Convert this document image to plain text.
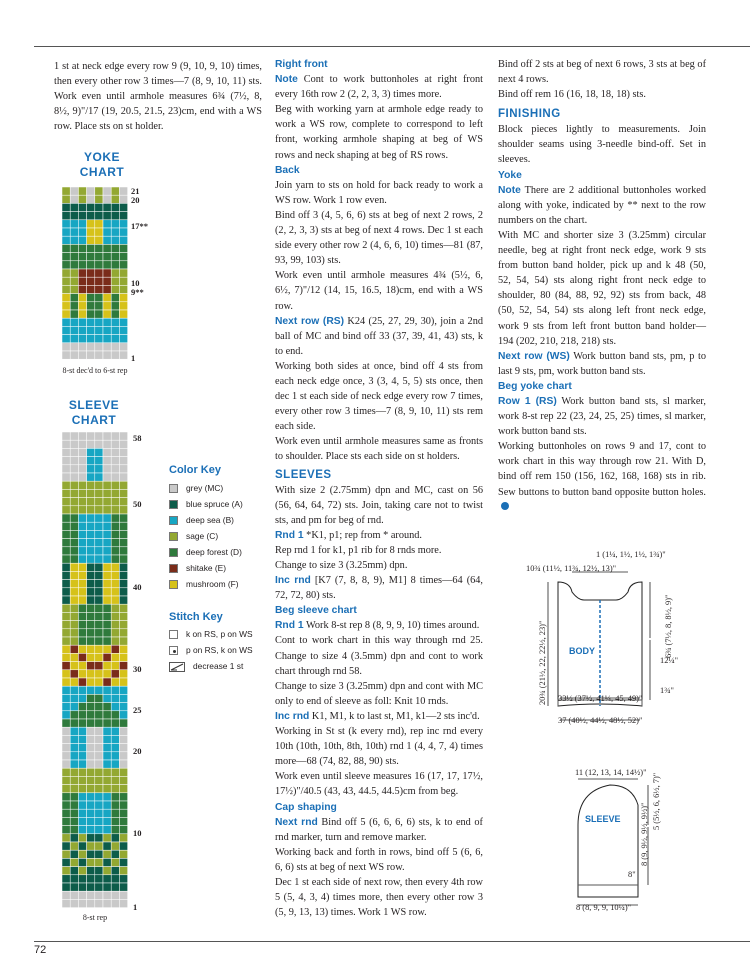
72

1 st at neck edge every row 9 (9, 10, 9, 10) times, then every other row 3 times—7 (8, 9, 10, 11) sts. Work even until armhole measures 6¾ (7½, 8, 8½, 9)"/17 (19, 20.5, 21.5, 23)cm, end with a WS row. Place sts on st holder.

YOKE
CHART
21
20
17**
10
9**
1
8-st dec'd to 6-st rep
SLEEVE
CHART
58
50
40
30
25
20
10
1
8-st rep
Color Key
grey (MC)
blue spruce (A)
deep sea (B)
sage (C)
deep forest (D)
shitake (E)
mushroom (F)
Stitch Key
k on RS, p on WS
p on RS, k on WS
decrease 1 st
Right front

Note Cont to work buttonholes at right front every 16th row 2 (2, 2, 3, 3) times more.

Beg with working yarn at armhole edge ready to work a WS row, complete to correspond to left front, working armhole shaping at beg of WS rows and neck shaping at beg of RS rows.

Back

Join yarn to sts on hold for back ready to work a WS row. Work 1 row even.

Bind off 3 (4, 5, 6, 6) sts at beg of next 2 rows, 2 (2, 2, 3, 3) sts at beg of next 4 rows. Dec 1 st each side every other row 2 (4, 6, 6, 10) times—81 (87, 93, 99, 103) sts.

Work even until armhole measures 4¾ (5½, 6, 6½, 7)"/12 (14, 15, 16.5, 18)cm, end with a WS row.

Next row (RS) K24 (25, 27, 29, 30), join a 2nd ball of MC and bind off 33 (37, 39, 41, 43) sts, k to end.

Working both sides at once, bind off 4 sts from each neck edge once, 3 (3, 4, 5, 5) sts once, then dec 1 st each side of neck edge every row 7 times, every other row 3 times—7 (8, 9, 10, 11) sts rem each side.

Work even until armhole measures same as fronts to shoulder. Place sts each side on st holders.

SLEEVES

With size 2 (2.75mm) dpn and MC, cast on 56 (56, 64, 64, 72) sts. Join, taking care not to twist sts, and pm for beg of rnd.

Rnd 1 *K1, p1; rep from * around.

Rep rnd 1 for k1, p1 rib for 8 rnds more.

Change to size 3 (3.25mm) dpn.

Inc rnd [K7 (7, 8, 8, 9), M1] 8 times—64 (64, 72, 72, 80) sts.

Beg sleeve chart

Rnd 1 Work 8-st rep 8 (8, 9, 9, 10) times around.

Cont to work chart in this way through rnd 25. Change to size 4 (3.5mm) dpn and cont to work chart through rnd 58.

Change to size 3 (3.25mm) dpn and cont with MC only to end of sleeve as foll: Knit 10 rnds.

Inc rnd K1, M1, k to last st, M1, k1—2 sts inc'd.

Working in St st (k every rnd), rep inc rnd every 10th (10th, 10th, 8th, 10th) rnd 1 (4, 4, 7, 4) times more—68 (74, 82, 88, 90) sts.

Work even until sleeve measures 16 (17, 17, 17½, 17½)"/40.5 (43, 43, 44.5, 44.5)cm from beg.

Cap shaping

Next rnd Bind off 5 (6, 6, 6, 6) sts, k to end of rnd marker, turn and remove marker.

Working back and forth in rows, bind off 5 (6, 6, 6, 6) sts at beg of next WS row.

Dec 1 st each side of next row, then every 4th row 5 (5, 4, 3, 4) times more, then every other row 3 (5, 9, 13, 13) times. Work 1 WS row.

Bind off 2 sts at beg of next 6 rows, 3 sts at beg of next 4 rows.

Bind off rem 16 (16, 18, 18, 18) sts.

FINISHING

Block pieces lightly to measurements. Join shoulder seams using 3-needle bind-off. Set in sleeves.

Yoke

Note There are 2 additional buttonholes worked along with yoke, indicated by ** next to the row numbers on the chart.

With MC and shorter size 3 (3.25mm) circular needle, beg at right front neck edge, work 9 sts from button band holder, pick up and k 48 (50, 52, 54, 54) sts along right front neck edge to shoulder, 80 (84, 88, 92, 92) sts from back, 48 (50, 52, 54, 54) sts along left front neck edge, work 9 sts from left front button band holder—194 (202, 210, 218, 218) sts.

Next row (WS) Work button band sts, pm, p to last 9 sts, pm, work button band sts.

Beg yoke chart

Row 1 (RS) Work button band sts, sl marker, work 8-st rep 22 (23, 24, 25, 25) times, sl marker, work button band sts.

Working buttonholes on rows 9 and 17, cont to work chart in this way through row 21. With D, bind off rem 150 (156, 162, 168, 168) sts in rib. Sew buttons to button band opposite button holes.

1 (1¼, 1½, 1½, 1¾)"
10¾ (11½, 11¾, 12½, 13)"
20¾ (21½, 22, 22½, 23)"	6¾ (7½, 8, 8½, 9)"
12¼"
1¾"
33½ (37½, 41¼, 45, 49)"
37 (40½, 44½, 48½, 52)"
BODY
11 (12, 13, 14, 14½)"
5 (5½, 6, 6½, 7)"
8 (9, 9½, 9½, 9½)"
8"
8 (8, 9, 9, 10¼)"
SLEEVE
